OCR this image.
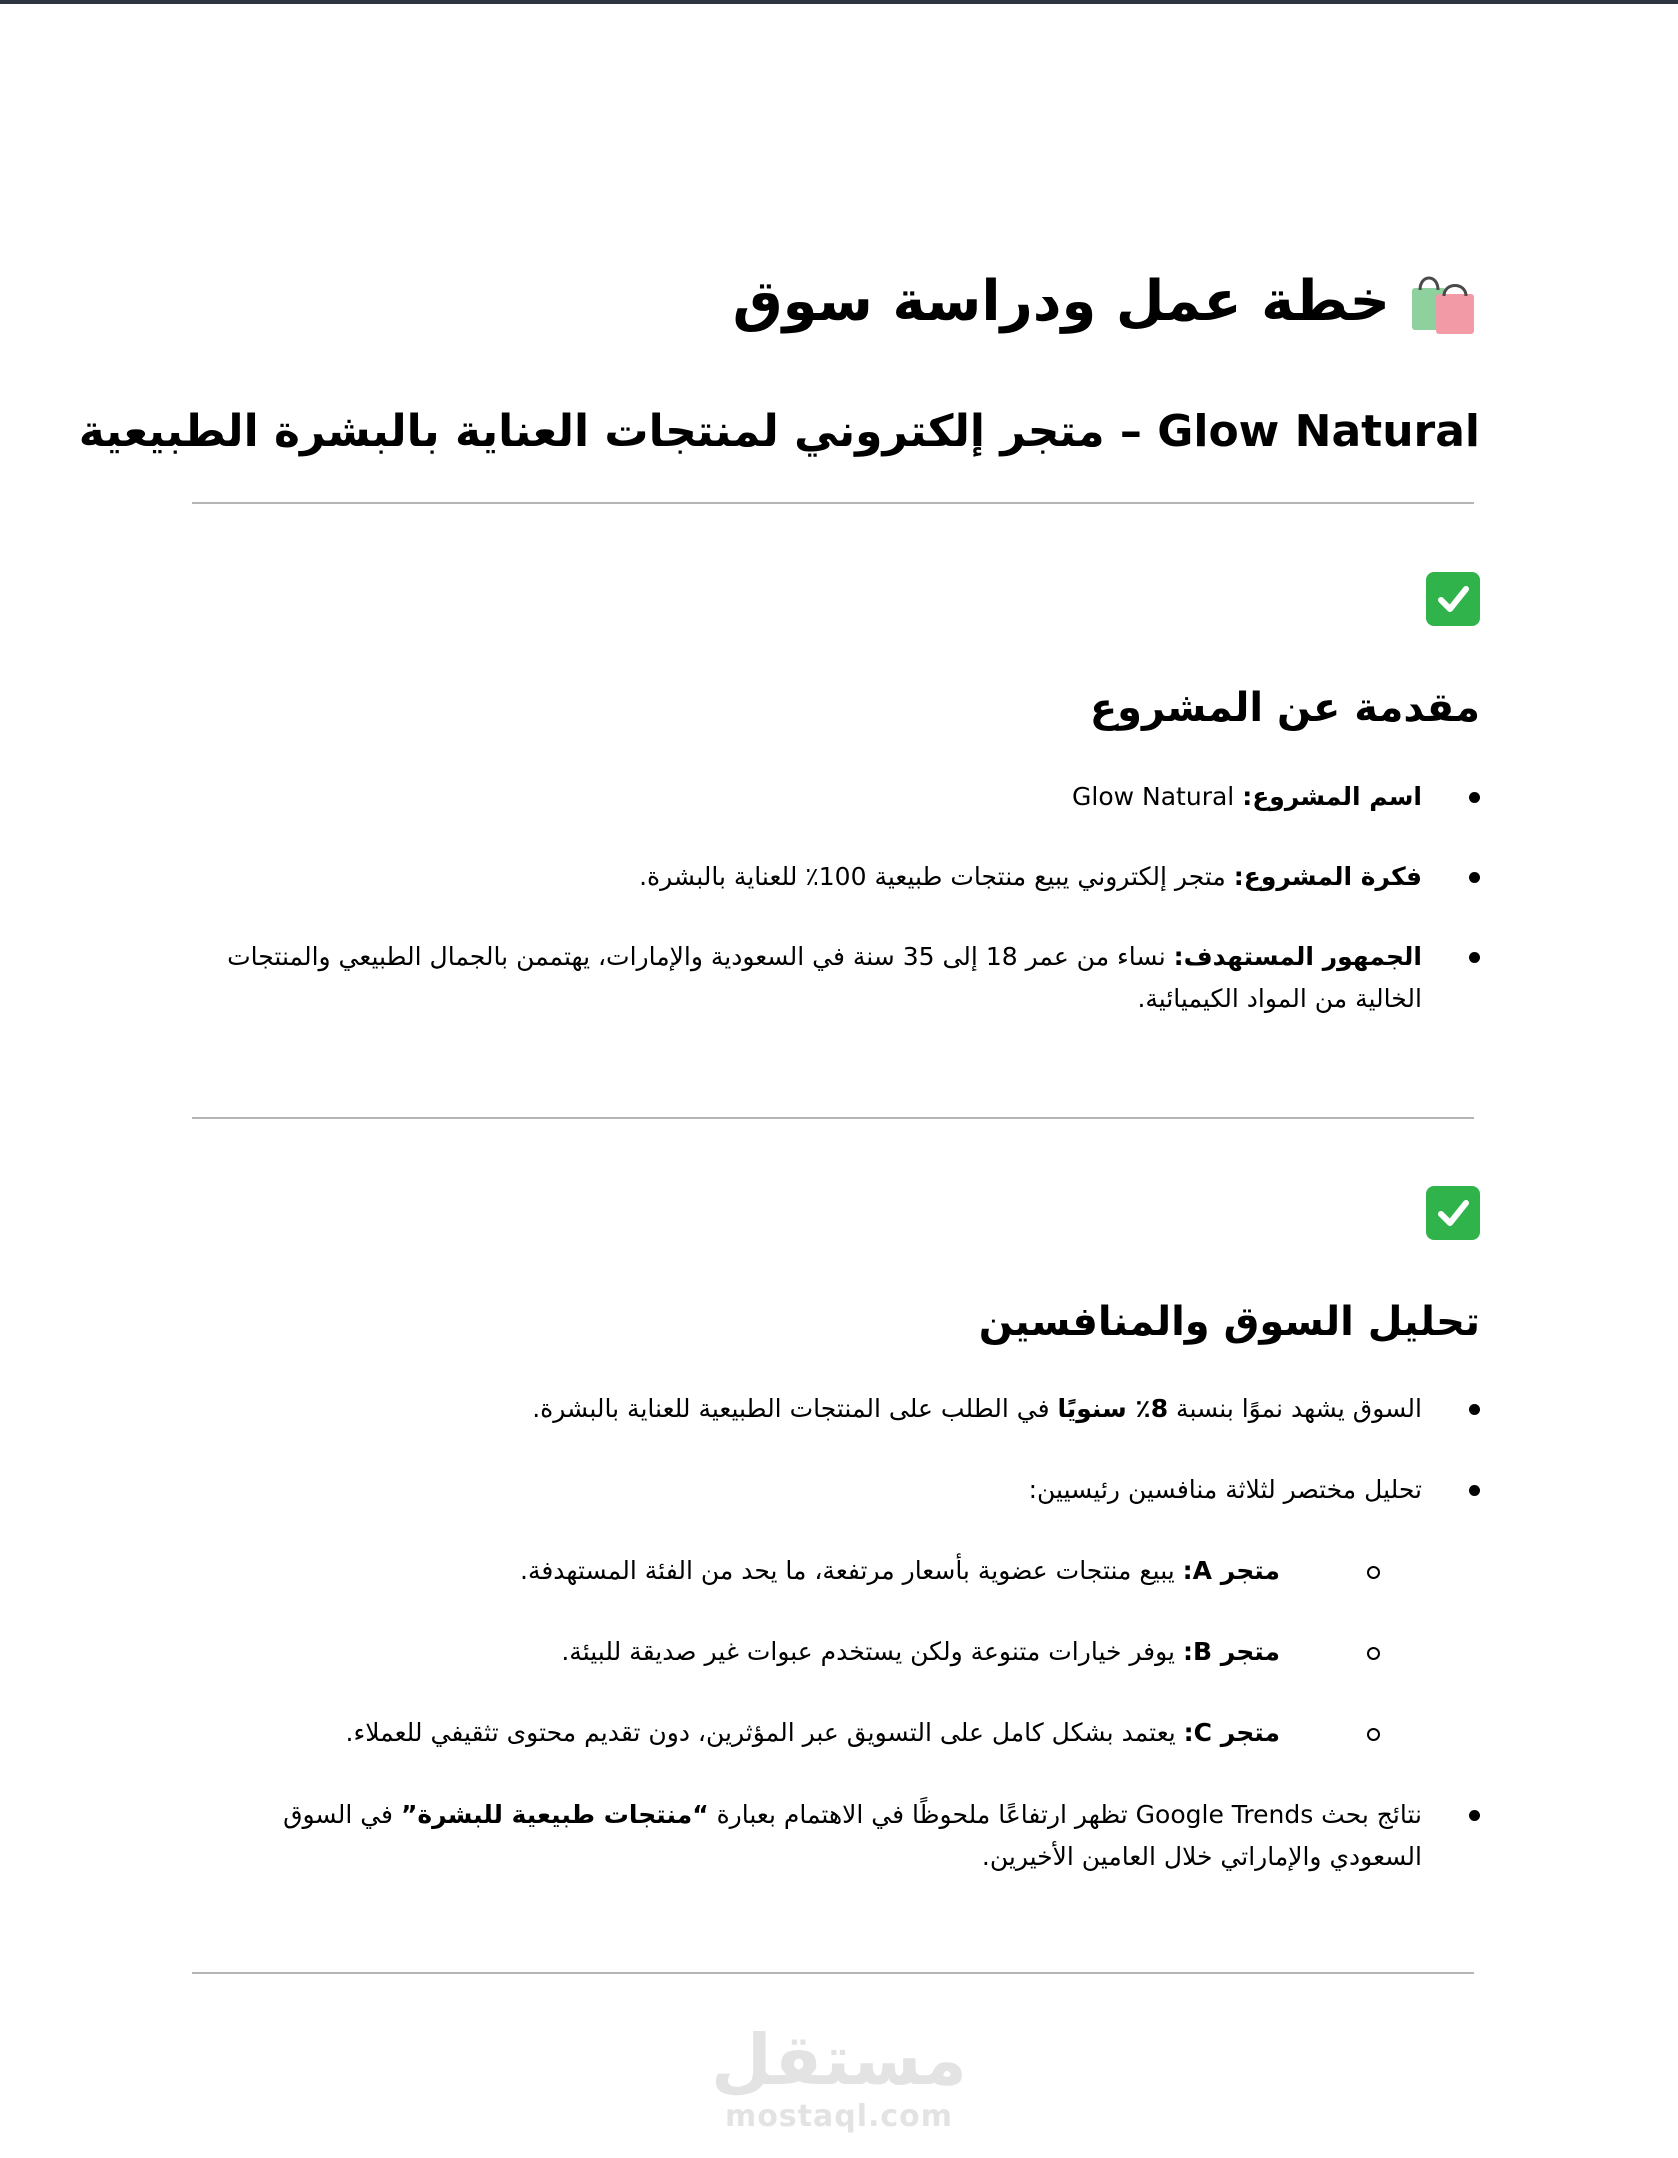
خطة عمل ودراسة سوق
Glow Natural – متجر إلكتروني لمنتجات العناية بالبشرة الطبيعية
مقدمة عن المشروع
اسم المشروع: Glow Natural
فكرة المشروع: متجر إلكتروني يبيع منتجات طبيعية 100٪ للعناية بالبشرة.
الجمهور المستهدف: نساء من عمر 18 إلى 35 سنة في السعودية والإمارات، يهتممن بالجمال الطبيعي والمنتجات الخالية من المواد الكيميائية.
تحليل السوق والمنافسين
السوق يشهد نموًا بنسبة 8٪ سنويًا في الطلب على المنتجات الطبيعية للعناية بالبشرة.
تحليل مختصر لثلاثة منافسين رئيسيين:
متجر A: يبيع منتجات عضوية بأسعار مرتفعة، ما يحد من الفئة المستهدفة.
متجر B: يوفر خيارات متنوعة ولكن يستخدم عبوات غير صديقة للبيئة.
متجر C: يعتمد بشكل كامل على التسويق عبر المؤثرين، دون تقديم محتوى تثقيفي للعملاء.
نتائج بحث Google Trends تظهر ارتفاعًا ملحوظًا في الاهتمام بعبارة “منتجات طبيعية للبشرة” في السوق السعودي والإماراتي خلال العامين الأخيرين.
مستقل
mostaql.com
